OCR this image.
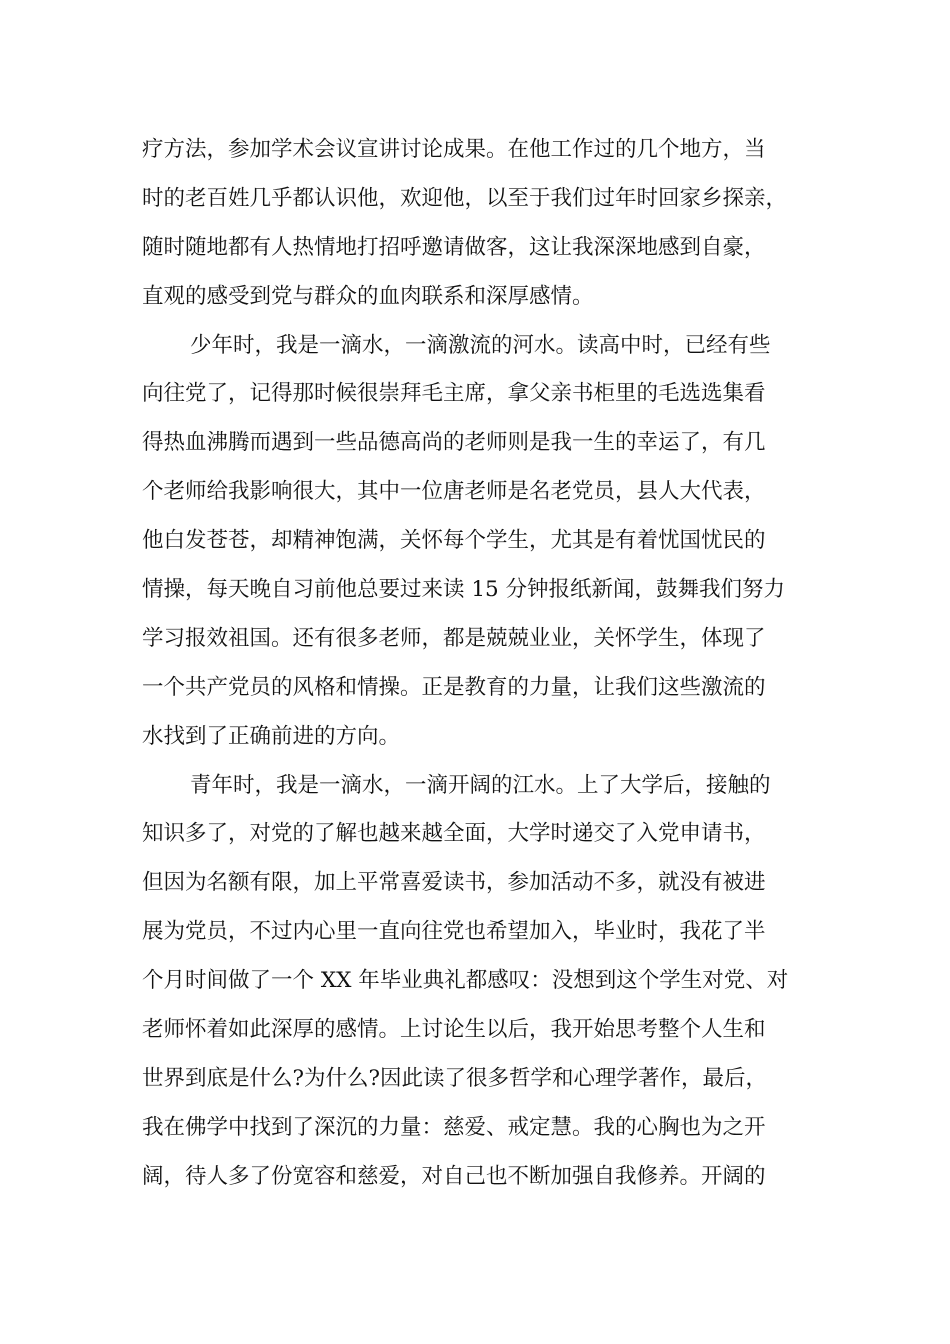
疗方法，参加学术会议宣讲讨论成果。在他工作过的几个地方，当
时的老百姓几乎都认识他，欢迎他，以至于我们过年时回家乡探亲，
随时随地都有人热情地打招呼邀请做客，这让我深深地感到自豪，
直观的感受到党与群众的血肉联系和深厚感情。
少年时，我是一滴水，一滴激流的河水。读高中时，已经有些
向往党了，记得那时候很崇拜毛主席，拿父亲书柜里的毛选选集看
得热血沸腾而遇到一些品德高尚的老师则是我一生的幸运了，有几
个老师给我影响很大，其中一位唐老师是名老党员，县人大代表，
他白发苍苍，却精神饱满，关怀每个学生，尤其是有着忧国忧民的
情操，每天晚自习前他总要过来读 15 分钟报纸新闻，鼓舞我们努力
学习报效祖国。还有很多老师，都是兢兢业业，关怀学生，体现了
一个共产党员的风格和情操。正是教育的力量，让我们这些激流的
水找到了正确前进的方向。
青年时，我是一滴水，一滴开阔的江水。上了大学后，接触的
知识多了，对党的了解也越来越全面，大学时递交了入党申请书，
但因为名额有限，加上平常喜爱读书，参加活动不多，就没有被进
展为党员，不过内心里一直向往党也希望加入，毕业时，我花了半
个月时间做了一个 XX 年毕业典礼都感叹：没想到这个学生对党、对
老师怀着如此深厚的感情。上讨论生以后，我开始思考整个人生和
世界到底是什么?为什么?因此读了很多哲学和心理学著作，最后，
我在佛学中找到了深沉的力量：慈爱、戒定慧。我的心胸也为之开
阔，待人多了份宽容和慈爱，对自己也不断加强自我修养。开阔的
